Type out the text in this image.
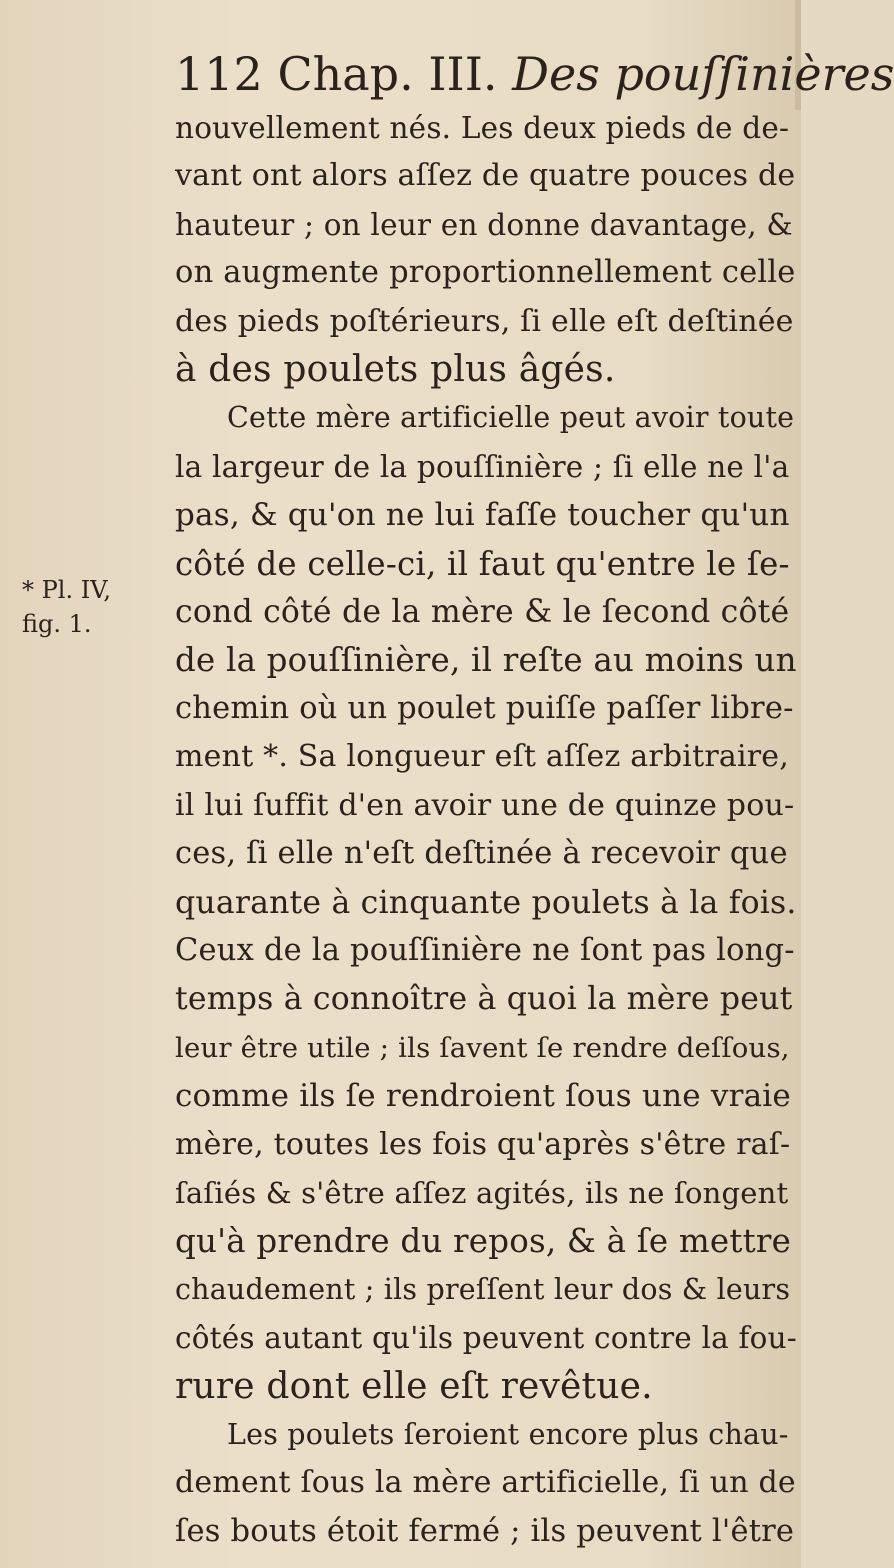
112 Chap. III. Des pouſſinières
* Pl. IV,
fig. 1.
nouvellement nés. Les deux pieds de de-
vant ont alors aſſez de quatre pouces de
hauteur ; on leur en donne davantage, &
on augmente proportionnellement celle
des pieds poſtérieurs, ſi elle eſt deſtinée
à des poulets plus âgés.
Cette mère artificielle peut avoir toute
la largeur de la pouſſinière ; ſi elle ne l'a
pas, & qu'on ne lui faſſe toucher qu'un
côté de celle-ci, il faut qu'entre le ſe-
cond côté de la mère & le ſecond côté
de la pouſſinière, il reſte au moins un
chemin où un poulet puiſſe paſſer libre-
ment *. Sa longueur eſt aſſez arbitraire,
il lui ſuffit d'en avoir une de quinze pou-
ces, ſi elle n'eſt deſtinée à recevoir que
quarante à cinquante poulets à la fois.
Ceux de la pouſſinière ne ſont pas long-
temps à connoître à quoi la mère peut
leur être utile ; ils ſavent ſe rendre deſſous,
comme ils ſe rendroient ſous une vraie
mère, toutes les fois qu'après s'être raſ-
ſaſiés & s'être aſſez agités, ils ne ſongent
qu'à prendre du repos, & à ſe mettre
chaudement ; ils preſſent leur dos & leurs
côtés autant qu'ils peuvent contre la fou-
rure dont elle eſt revêtue.
Les poulets ſeroient encore plus chau-
dement ſous la mère artificielle, ſi un de
ſes bouts étoit fermé ; ils peuvent l'être
